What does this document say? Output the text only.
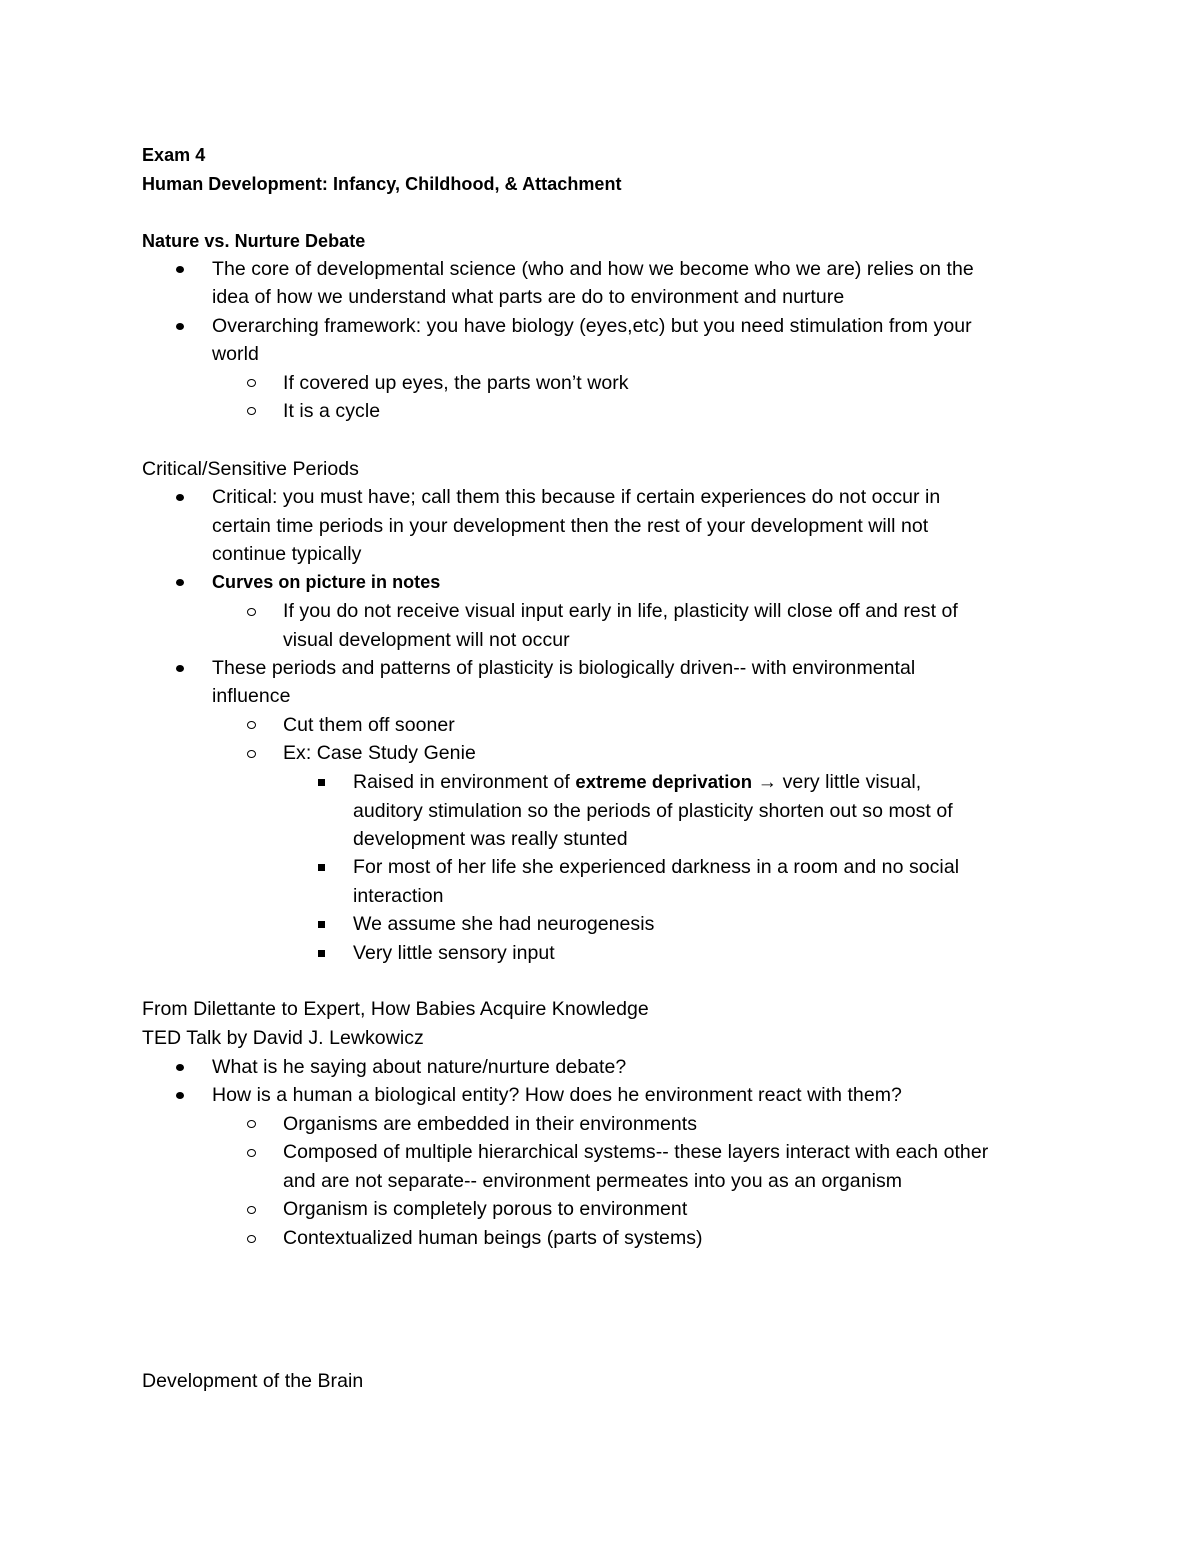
Exam 4
Human Development: Infancy, Childhood, & Attachment
Nature vs. Nurture Debate
The core of developmental science (who and how we become who we are) relies on the
idea of how we understand what parts are do to environment and nurture
Overarching framework: you have biology (eyes,etc) but you need stimulation from your
world
If covered up eyes, the parts won’t work
It is a cycle
Critical/Sensitive Periods
Critical: you must have; call them this because if certain experiences do not occur in
certain time periods in your development then the rest of your development will not
continue typically
Curves on picture in notes
If you do not receive visual input early in life, plasticity will close off and rest of
visual development will not occur
These periods and patterns of plasticity is biologically driven-- with environmental
influence
Cut them off sooner
Ex: Case Study Genie
Raised in environment of extreme deprivation → very little visual,
auditory stimulation so the periods of plasticity shorten out so most of
development was really stunted
For most of her life she experienced darkness in a room and no social
interaction
We assume she had neurogenesis
Very little sensory input
From Dilettante to Expert, How Babies Acquire Knowledge
TED Talk by David J. Lewkowicz
What is he saying about nature/nurture debate?
How is a human a biological entity? How does he environment react with them?
Organisms are embedded in their environments
Composed of multiple hierarchical systems-- these layers interact with each other
and are not separate-- environment permeates into you as an organism
Organism is completely porous to environment
Contextualized human beings (parts of systems)
Development of the Brain
